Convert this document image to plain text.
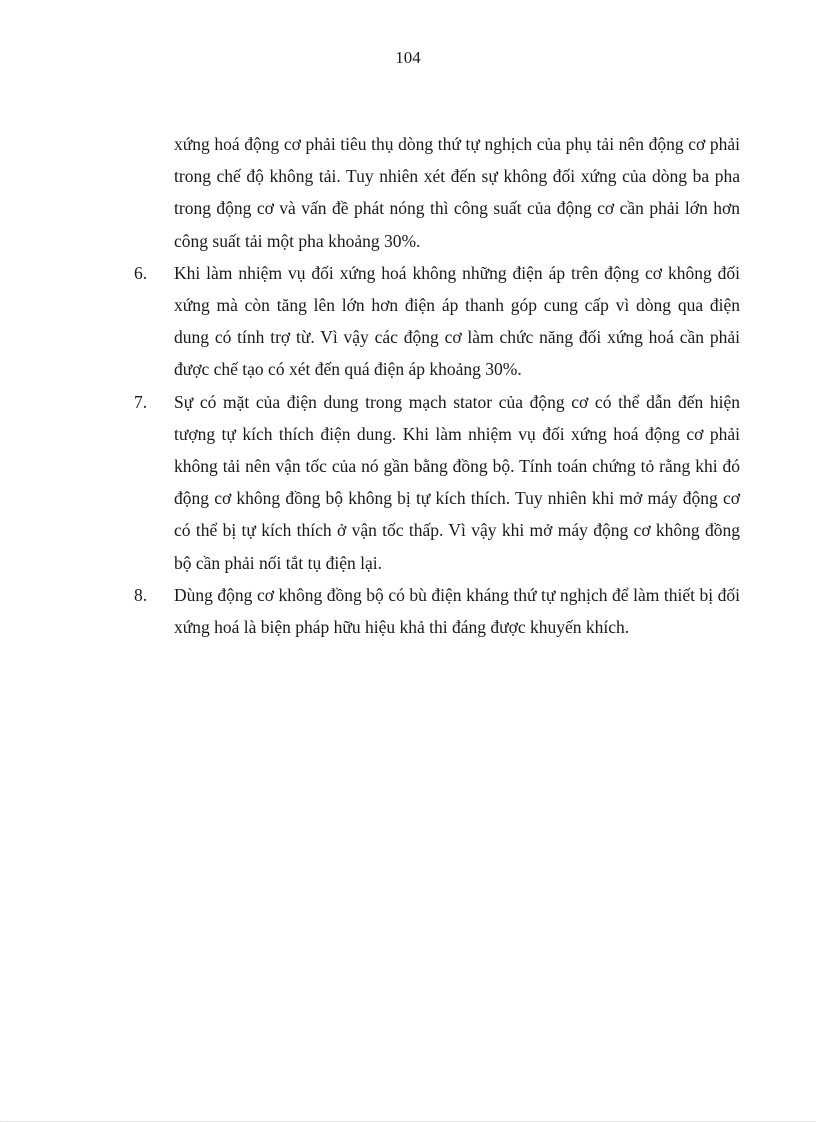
104

xứng hoá động cơ phải tiêu thụ dòng thứ tự nghịch của phụ tải nên động cơ phải trong chế độ không tải. Tuy nhiên xét đến sự không đối xứng của dòng ba pha trong động cơ và vấn đề phát nóng thì công suất của động cơ cần phải lớn hơn công suất tải một pha khoảng 30%.

6.	Khi làm nhiệm vụ đối xứng hoá không những điện áp trên động cơ không đối xứng mà còn tăng lên lớn hơn điện áp thanh góp cung cấp vì dòng qua điện dung có tính trợ từ. Vì vậy các động cơ làm chức năng đối xứng hoá cần phải được chế tạo có xét đến quá điện áp khoảng 30%.
7.	Sự có mặt của điện dung trong mạch stator của động cơ có thể dẫn đến hiện tượng tự kích thích điện dung. Khi làm nhiệm vụ đối xứng hoá động cơ phải không tải nên vận tốc của nó gần bằng đồng bộ. Tính toán chứng tỏ rằng khi đó động cơ không đồng bộ không bị tự kích thích. Tuy nhiên khi mở máy động cơ có thể bị tự kích thích ở vận tốc thấp. Vì vậy khi mở máy động cơ không đồng bộ cần phải nối tắt tụ điện lại.
8.	Dùng động cơ không đồng bộ có bù điện kháng thứ tự nghịch để làm thiết bị đối xứng hoá là biện pháp hữu hiệu khả thi đáng được khuyến khích.
